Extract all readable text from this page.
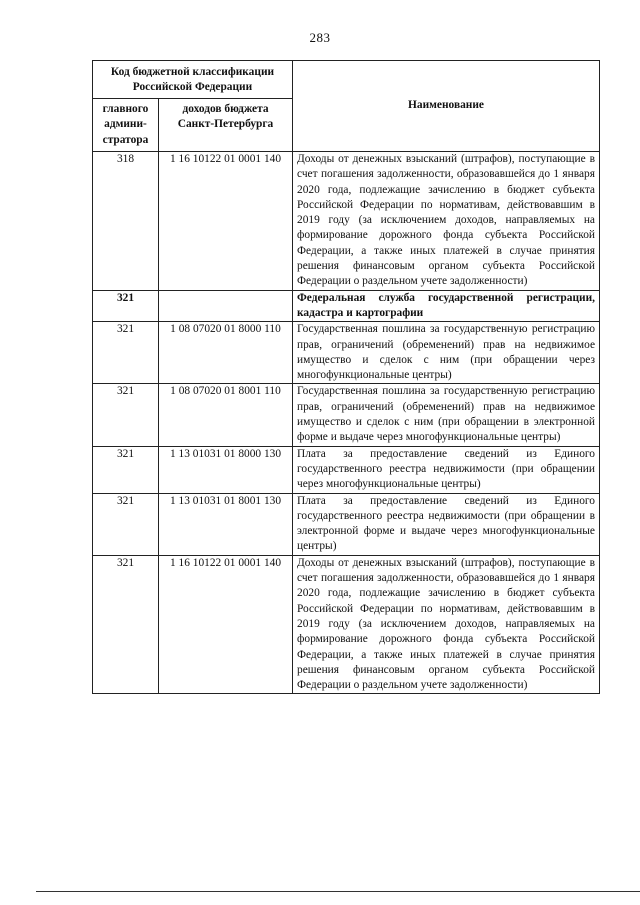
283
Код бюджетной классификации Российской Федерации		Наименование
главного админи-стратора	доходов бюджета Санкт-Петербурга	
318	1 16 10122 01 0001 140	Доходы от денежных взысканий (штрафов), поступающие в счет погашения задолженности, образовавшейся до 1 января 2020 года, подлежащие зачислению в бюджет субъекта Российской Федерации по нормативам, действовавшим в 2019 году (за исключением доходов, направляемых на формирование дорожного фонда субъекта Российской Федерации, а также иных платежей в случае принятия решения финансовым органом субъекта Российской Федерации о раздельном учете задолженности)
321		Федеральная служба государственной регистрации, кадастра и картографии
321	1 08 07020 01 8000 110	Государственная пошлина за государственную регистрацию прав, ограничений (обременений) прав на недвижимое имущество и сделок с ним (при обращении через многофункциональные центры)
321	1 08 07020 01 8001 110	Государственная пошлина за государственную регистрацию прав, ограничений (обременений) прав на недвижимое имущество и сделок с ним (при обращении в электронной форме и выдаче через многофункциональные центры)
321	1 13 01031 01 8000 130	Плата за предоставление сведений из Единого государственного реестра недвижимости (при обращении через многофункциональные центры)
321	1 13 01031 01 8001 130	Плата за предоставление сведений из Единого государственного реестра недвижимости (при обращении в электронной форме и выдаче через многофункциональные центры)
321	1 16 10122 01 0001 140	Доходы от денежных взысканий (штрафов), поступающие в счет погашения задолженности, образовавшейся до 1 января 2020 года, подлежащие зачислению в бюджет субъекта Российской Федерации по нормативам, действовавшим в 2019 году (за исключением доходов, направляемых на формирование дорожного фонда субъекта Российской Федерации, а также иных платежей в случае принятия решения финансовым органом субъекта Российской Федерации о раздельном учете задолженности)
